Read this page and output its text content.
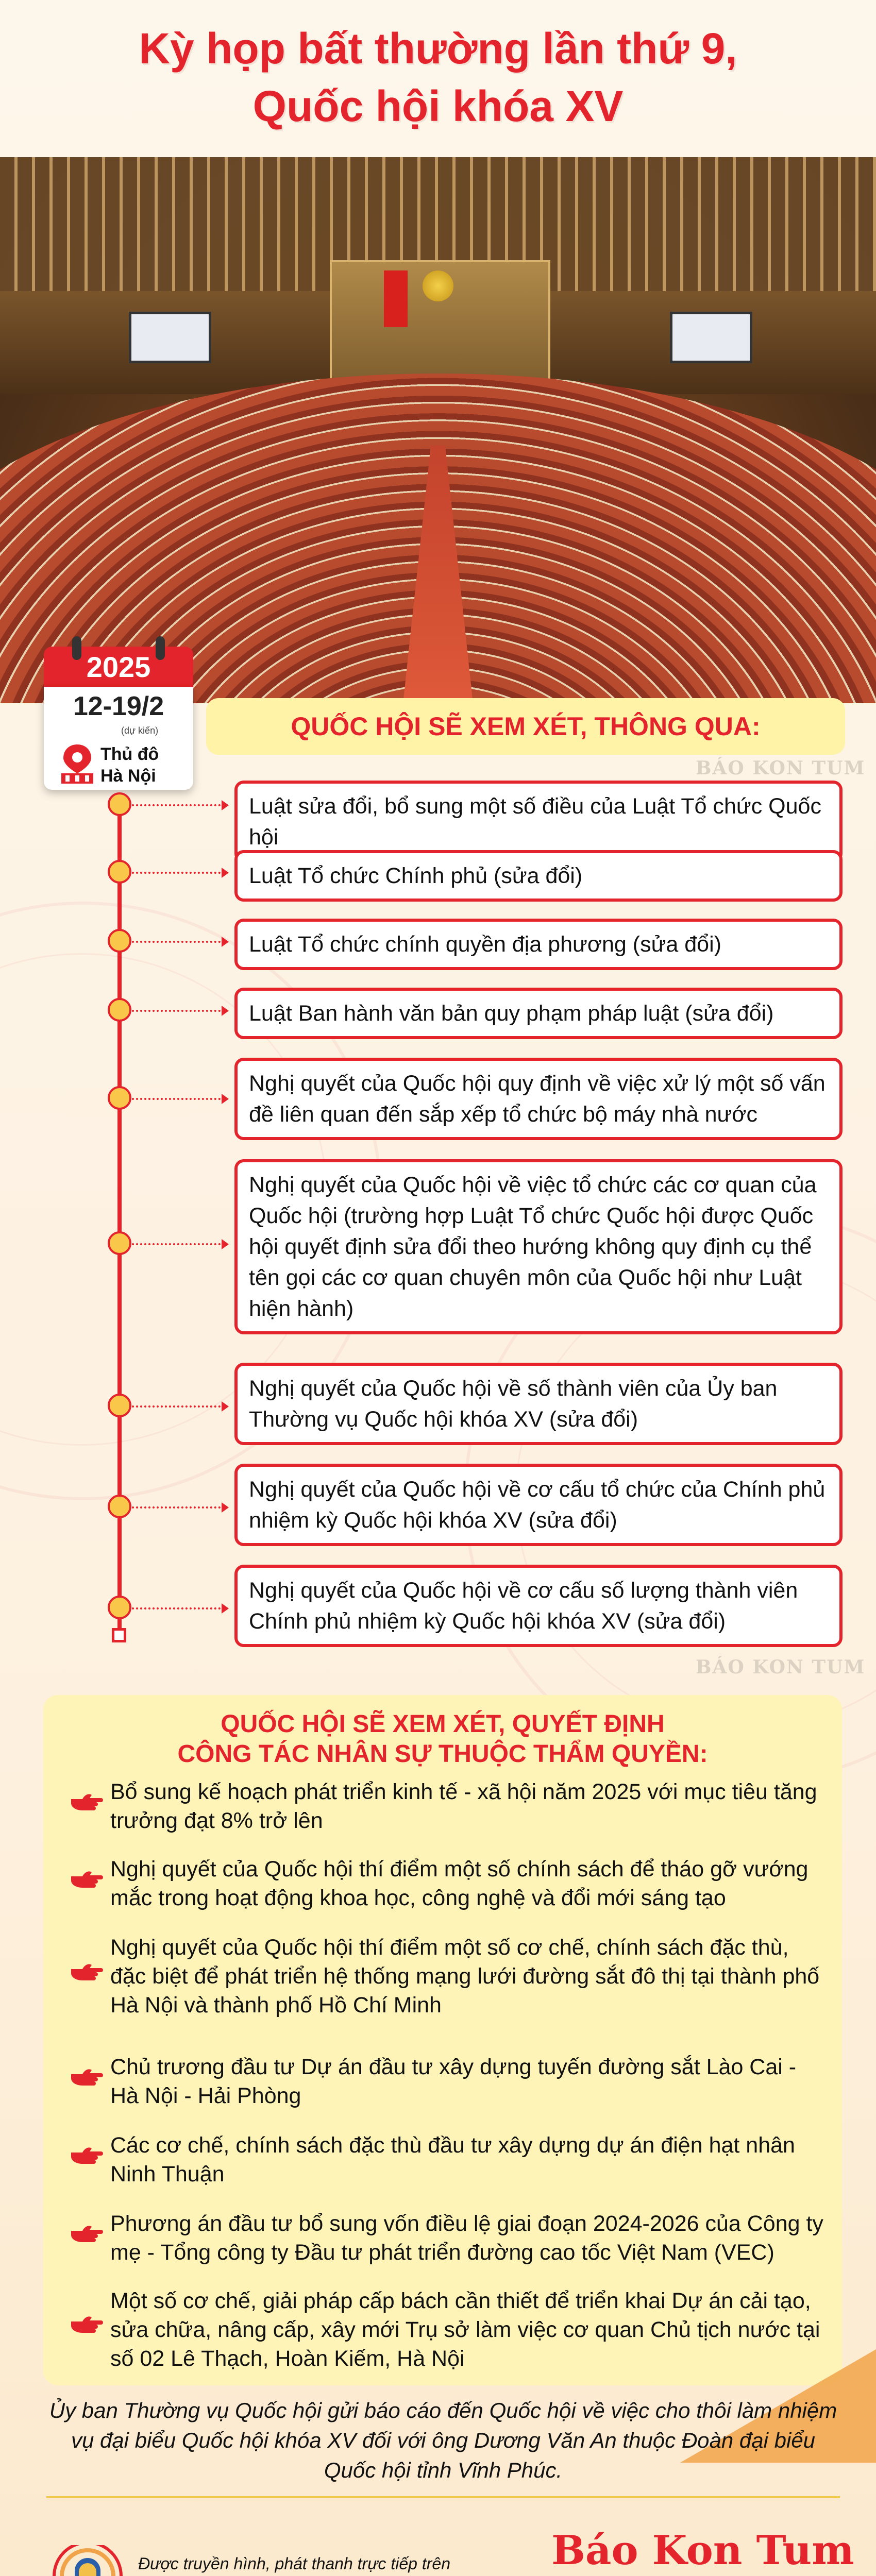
Kỳ họp bất thường lần thứ 9,
Quốc hội khóa XV
2025
12-19/2
(dự kiến)
Thủ đô
Hà Nội
QUỐC HỘI SẼ XEM XÉT, THÔNG QUA:
BÁO KON TUM
Luật sửa đổi, bổ sung một số điều của Luật Tổ chức Quốc hội
Luật Tổ chức Chính phủ (sửa đổi)
Luật Tổ chức chính quyền địa phương (sửa đổi)
Luật Ban hành văn bản quy phạm pháp luật (sửa đổi)
Nghị quyết của Quốc hội quy định về việc xử lý một số vấn đề liên quan đến sắp xếp tổ chức bộ máy nhà nước
Nghị quyết của Quốc hội về việc tổ chức các cơ quan của Quốc hội (trường hợp Luật Tổ chức Quốc hội được Quốc hội quyết định sửa đổi theo hướng không quy định cụ thể tên gọi các cơ quan chuyên môn của Quốc hội như Luật hiện hành)
Nghị quyết của Quốc hội về số thành viên của Ủy ban Thường vụ Quốc hội khóa XV (sửa đổi)
Nghị quyết của Quốc hội về cơ cấu tổ chức của Chính phủ nhiệm kỳ Quốc hội khóa XV (sửa đổi)
Nghị quyết của Quốc hội về cơ cấu số lượng thành viên Chính phủ nhiệm kỳ Quốc hội khóa XV (sửa đổi)
BÁO KON TUM
QUỐC HỘI SẼ XEM XÉT, QUYẾT ĐỊNH
CÔNG TÁC NHÂN SỰ THUỘC THẨM QUYỀN:
Bổ sung kế hoạch phát triển kinh tế - xã hội năm 2025 với mục tiêu tăng trưởng đạt 8% trở lên
Nghị quyết của Quốc hội thí điểm một số chính sách để tháo gỡ vướng mắc trong hoạt động khoa học, công nghệ và đổi mới sáng tạo
Nghị quyết của Quốc hội thí điểm một số cơ chế, chính sách đặc thù, đặc biệt để phát triển hệ thống mạng lưới đường sắt đô thị tại thành phố Hà Nội và thành phố Hồ Chí Minh
Chủ trương đầu tư Dự án đầu tư xây dựng tuyến đường sắt Lào Cai - Hà Nội - Hải Phòng
Các cơ chế, chính sách đặc thù đầu tư xây dựng dự án điện hạt nhân Ninh Thuận
Phương án đầu tư bổ sung vốn điều lệ giai đoạn 2024-2026 của Công ty mẹ - Tổng công ty Đầu tư phát triển đường cao tốc Việt Nam (VEC)
Một số cơ chế, giải pháp cấp bách cần thiết để triển khai Dự án cải tạo, sửa chữa, nâng cấp, xây mới Trụ sở làm việc cơ quan Chủ tịch nước tại số 02 Lê Thạch, Hoàn Kiếm, Hà Nội
Ủy ban Thường vụ Quốc hội gửi báo cáo đến Quốc hội về việc cho thôi làm nhiệm vụ đại biểu Quốc hội khóa XV đối với ông Dương Văn An thuộc Đoàn đại biểu Quốc hội tỉnh Vĩnh Phúc.
Được truyền hình, phát thanh trực tiếp trên	Báo Kon Tum
